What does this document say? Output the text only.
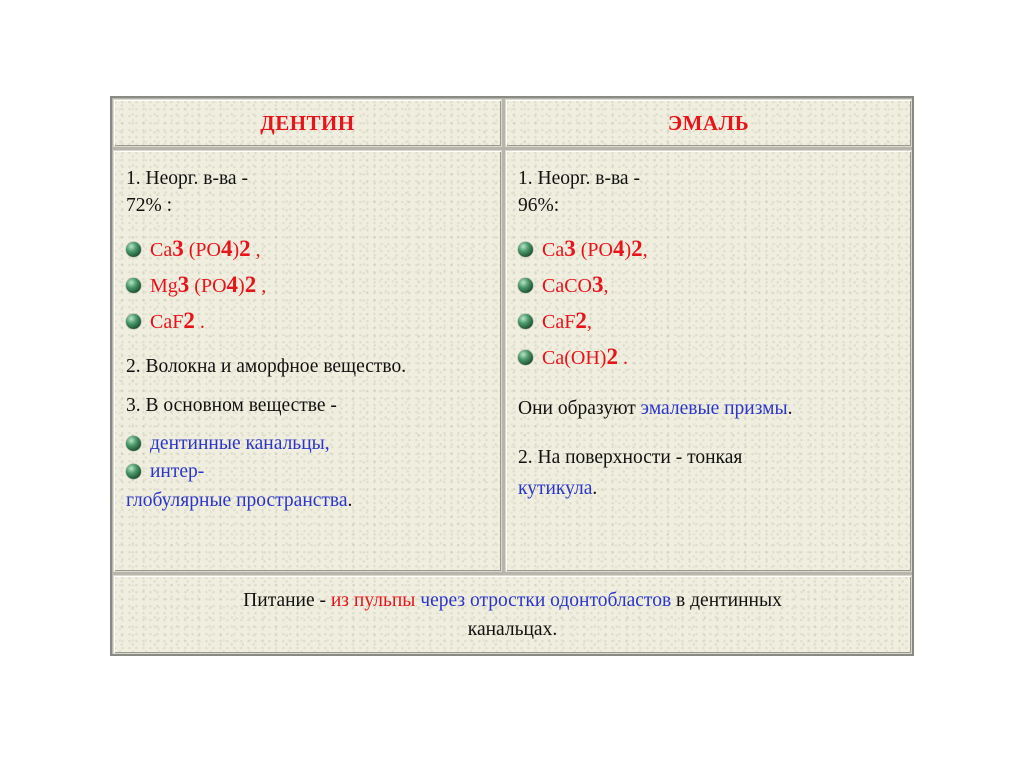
ДЕНТИН	ЭМАЛЬ

1. Неорг. в-ва -

72% :

Ca3 (PO4)2 ,
Mg3 (PO4)2 ,
CaF2 .

2. Волокна и аморфное вещество.

3. В основном веществе -

дентинные канальцы,
интер-

глобулярные пространства.

1. Неорг. в-ва -

96%:

Ca3 (PO4)2,
CaCO3,
CaF2,
Ca(OH)2 .

Они образуют эмалевые призмы.

2. На поверхности - тонкая

кутикула.

Питание - из пульпы через отростки одонтобластов в дентинных
канальцах.
